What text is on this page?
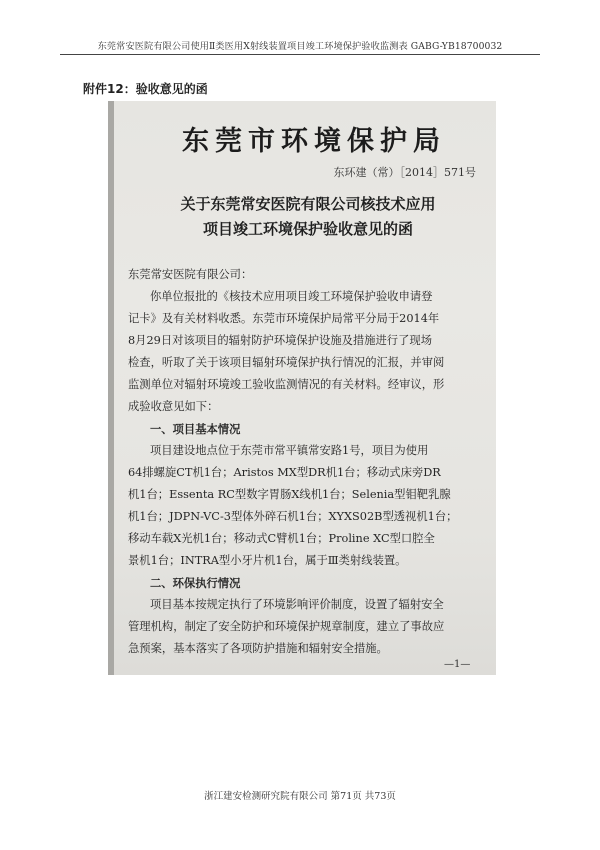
东莞常安医院有限公司使用Ⅱ类医用X射线装置项目竣工环境保护验收监测表 GABG-YB18700032
附件12：验收意见的函
东莞市环境保护局
东环建（常）［2014］571号
关于东莞常安医院有限公司核技术应用
项目竣工环境保护验收意见的函

东莞常安医院有限公司：

你单位报批的《核技术应用项目竣工环境保护验收申请登

记卡》及有关材料收悉。东莞市环境保护局常平分局于2014年

8月29日对该项目的辐射防护环境保护设施及措施进行了现场

检查，听取了关于该项目辐射环境保护执行情况的汇报，并审阅

监测单位对辐射环境竣工验收监测情况的有关材料。经审议，形

成验收意见如下：

一、项目基本情况

项目建设地点位于东莞市常平镇常安路1号，项目为使用

64排螺旋CT机1台；Aristos MX型DR机1台；移动式床旁DR

机1台；Essenta RC型数字胃肠X线机1台；Selenia型钼靶乳腺

机1台；JDPN-VC-3型体外碎石机1台；XYXS02B型透视机1台；

移动车载X光机1台；移动式C臂机1台；Proline XC型口腔全

景机1台；INTRA型小牙片机1台，属于Ⅲ类射线装置。

二、环保执行情况

项目基本按规定执行了环境影响评价制度，设置了辐射安全

管理机构，制定了安全防护和环境保护规章制度，建立了事故应

急预案，基本落实了各项防护措施和辐射安全措施。

—1—
浙江建安检测研究院有限公司 第71页 共73页
